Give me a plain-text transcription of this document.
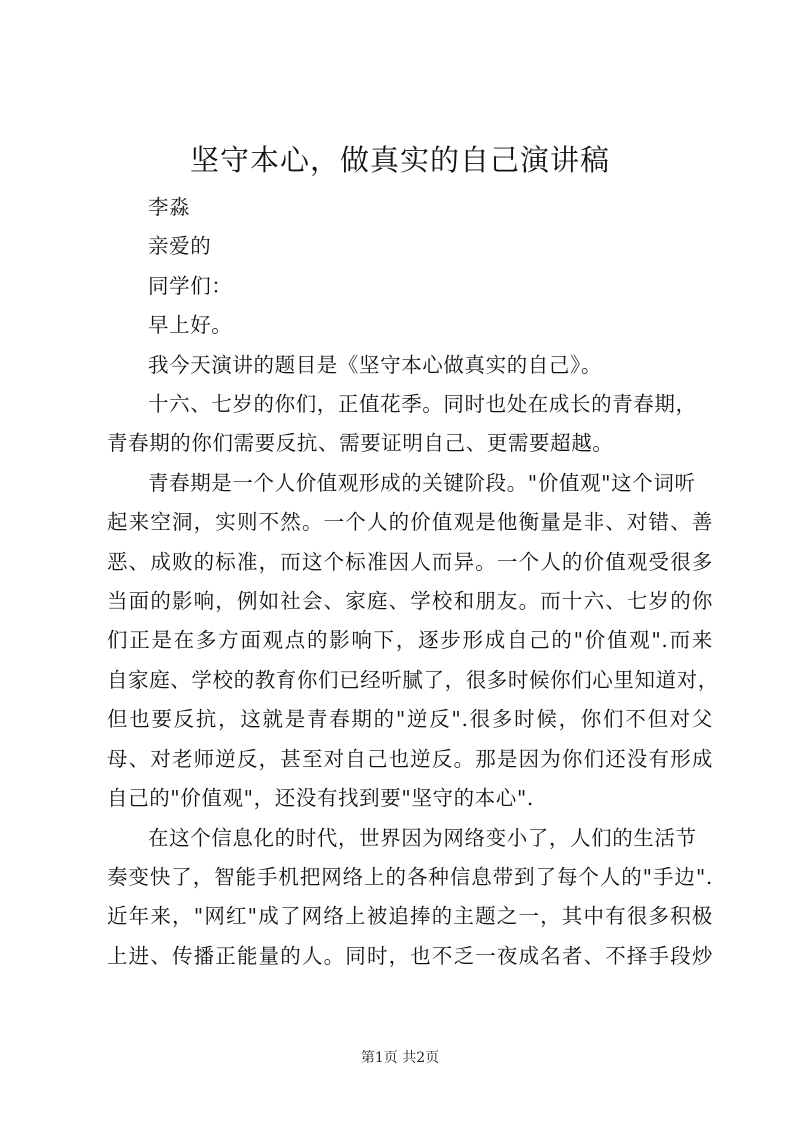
坚守本心，做真实的自己演讲稿

李淼

亲爱的

同学们：

早上好。

我今天演讲的题目是《坚守本心做真实的自己》。

十六、七岁的你们，正值花季。同时也处在成长的青春期，

青春期的你们需要反抗、需要证明自己、更需要超越。

青春期是一个人价值观形成的关键阶段。"价值观"这个词听

起来空洞，实则不然。一个人的价值观是他衡量是非、对错、善

恶、成败的标准，而这个标准因人而异。一个人的价值观受很多

当面的影响，例如社会、家庭、学校和朋友。而十六、七岁的你

们正是在多方面观点的影响下，逐步形成自己的"价值观".而来

自家庭、学校的教育你们已经听腻了，很多时候你们心里知道对，

但也要反抗，这就是青春期的"逆反".很多时候，你们不但对父

母、对老师逆反，甚至对自己也逆反。那是因为你们还没有形成

自己的"价值观"，还没有找到要"坚守的本心".

在这个信息化的时代，世界因为网络变小了，人们的生活节

奏变快了，智能手机把网络上的各种信息带到了每个人的"手边".

近年来，"网红"成了网络上被追捧的主题之一，其中有很多积极

上进、传播正能量的人。同时，也不乏一夜成名者、不择手段炒

第1页 共2页
